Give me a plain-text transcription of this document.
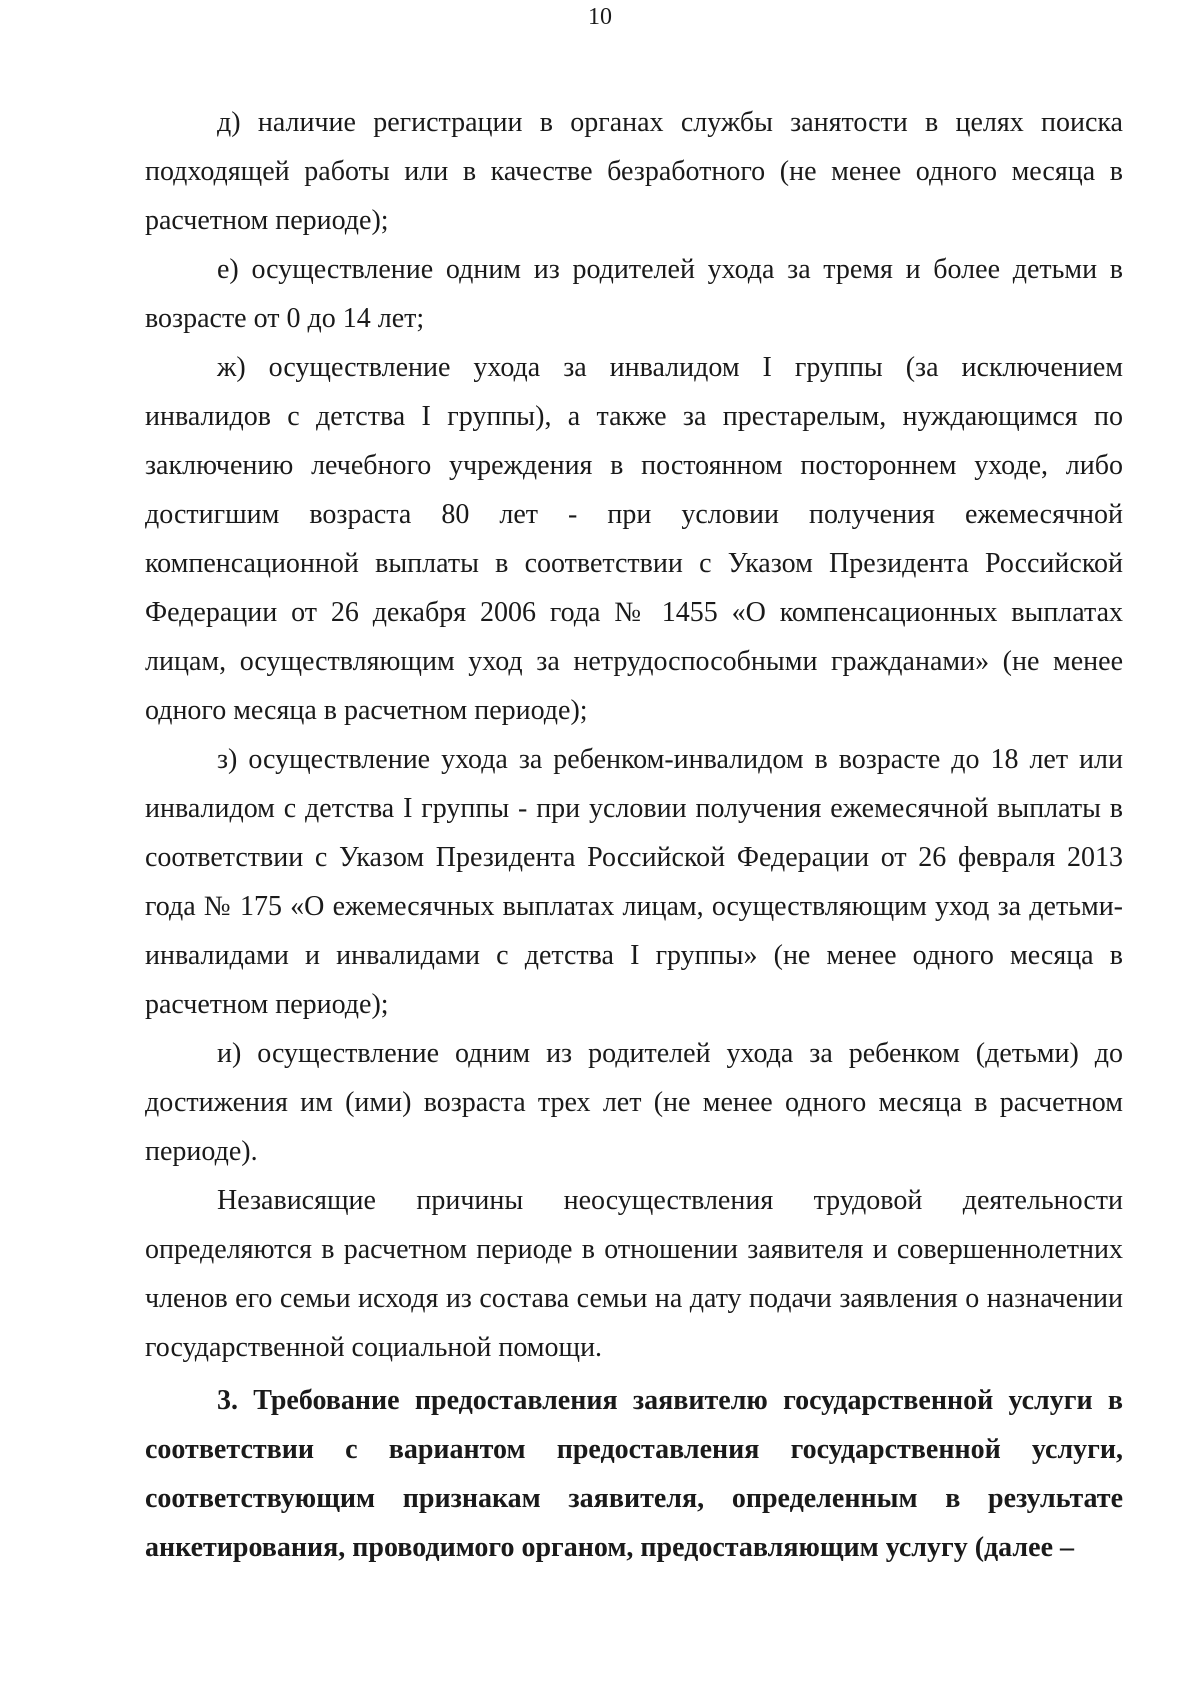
10

д) наличие регистрации в органах службы занятости в целях поиска подходящей работы или в качестве безработного (не менее одного месяца в расчетном периоде);

е) осуществление одним из родителей ухода за тремя и более детьми в возрасте от 0 до 14 лет;

ж) осуществление ухода за инвалидом I группы (за исключением инвалидов с детства I группы), а также за престарелым, нуждающимся по заключению лечебного учреждения в постоянном постороннем уходе, либо достигшим возраста 80 лет - при условии получения ежемесячной компенсационной выплаты в соответствии с Указом Президента Российской Федерации от 26 декабря 2006 года № 1455 «О компенсационных выплатах лицам, осуществляющим уход за нетрудоспособными гражданами» (не менее одного месяца в расчетном периоде);

з) осуществление ухода за ребенком-инвалидом в возрасте до 18 лет или инвалидом с детства I группы - при условии получения ежемесячной выплаты в соответствии с Указом Президента Российской Федерации от 26 февраля 2013 года № 175 «О ежемесячных выплатах лицам, осуществляющим уход за детьми-инвалидами и инвалидами с детства I группы» (не менее одного месяца в расчетном периоде);

и) осуществление одним из родителей ухода за ребенком (детьми) до достижения им (ими) возраста трех лет (не менее одного месяца в расчетном периоде).

Независящие причины неосуществления трудовой деятельности определяются в расчетном периоде в отношении заявителя и совершеннолетних членов его семьи исходя из состава семьи на дату подачи заявления о назначении государственной социальной помощи.

3. Требование предоставления заявителю государственной услуги в соответствии с вариантом предоставления государственной услуги, соответствующим признакам заявителя, определенным в результате анкетирования, проводимого органом, предоставляющим услугу (далее –
